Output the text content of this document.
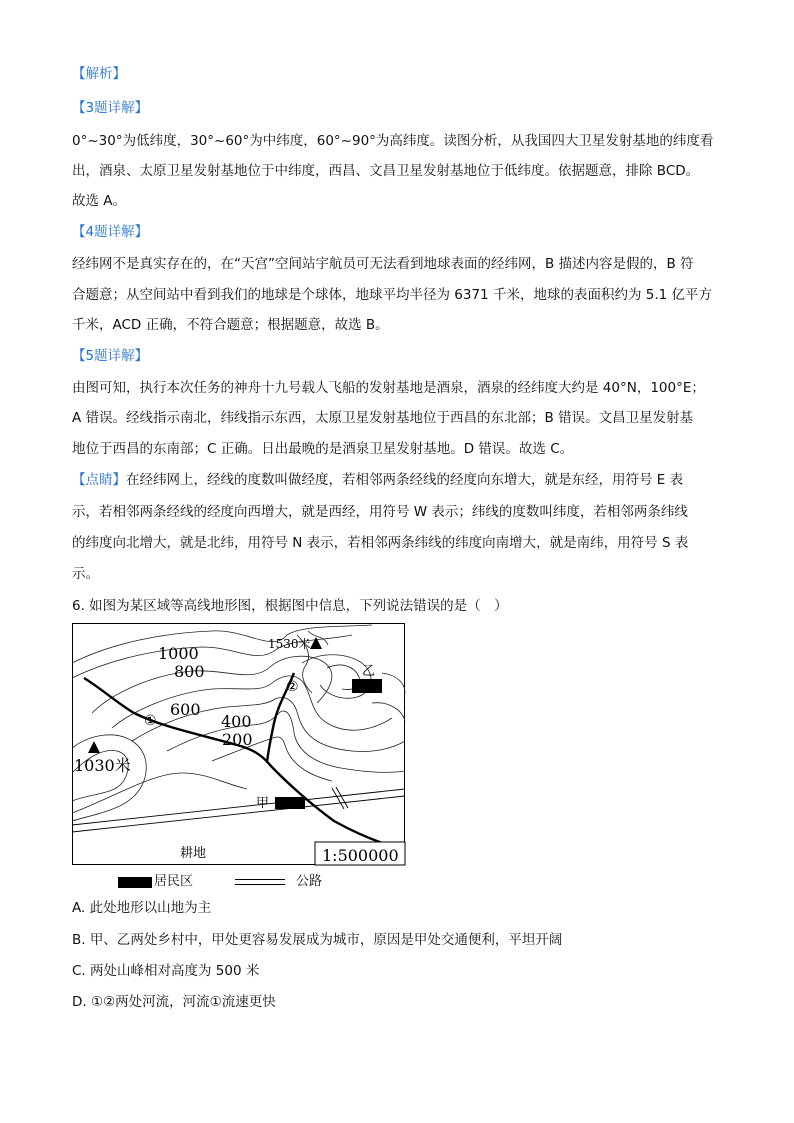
【解析】
【3题详解】
0°~30°为低纬度，30°~60°为中纬度，60°~90°为高纬度。读图分析，从我国四大卫星发射基地的纬度看
出，酒泉、太原卫星发射基地位于中纬度，西昌、文昌卫星发射基地位于低纬度。依据题意，排除 BCD。
故选 A。
【4题详解】
经纬网不是真实存在的，在“天宫”空间站宇航员可无法看到地球表面的经纬网，B 描述内容是假的，B 符
合题意；从空间站中看到我们的地球是个球体，地球平均半径为 6371 千米，地球的表面积约为 5.1 亿平方
千米，ACD 正确，不符合题意；根据题意，故选 B。
【5题详解】
由图可知，执行本次任务的神舟十九号载人飞船的发射基地是酒泉，酒泉的经纬度大约是 40°N，100°E；
A 错误。经线指示南北，纬线指示东西，太原卫星发射基地位于西昌的东北部；B 错误。文昌卫星发射基
地位于西昌的东南部；C 正确。日出最晚的是酒泉卫星发射基地。D 错误。故选 C。
【点睛】在经纬网上，经线的度数叫做经度，若相邻两条经线的经度向东增大，就是东经，用符号 E 表
示，若相邻两条经线的经度向西增大，就是西经，用符号 W 表示；纬线的度数叫纬度，若相邻两条纬线
的纬度向北增大，就是北纬，用符号 N 表示，若相邻两条纬线的纬度向南增大，就是南纬，用符号 S 表
示。
6. 如图为某区域等高线地形图，根据图中信息，下列说法错误的是（　）
1000
800
600
400
200
1530米
1030米
①
②
甲
乙
耕地	1:500000
居民区	公路
A. 此处地形以山地为主
B. 甲、乙两处乡村中，甲处更容易发展成为城市，原因是甲处交通便利，平坦开阔
C. 两处山峰相对高度为 500 米
D. ①②两处河流，河流①流速更快
